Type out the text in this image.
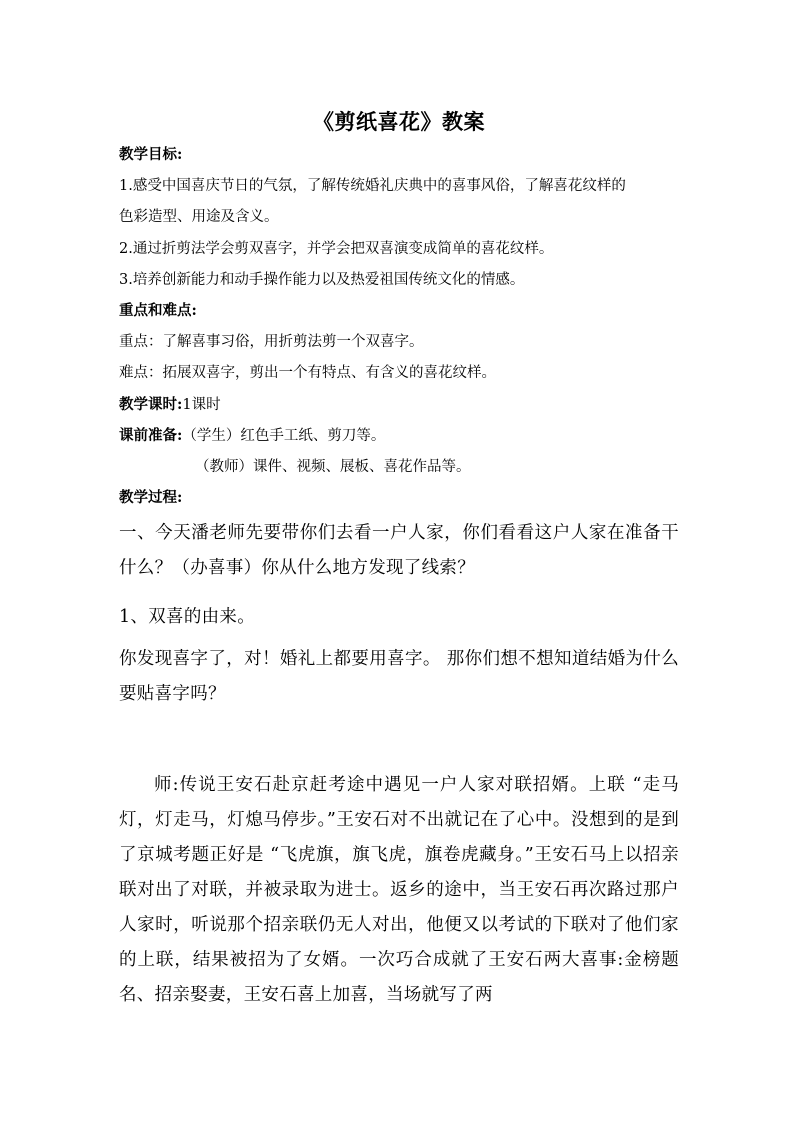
《剪纸喜花》教案
教学目标:
1.感受中国喜庆节日的气氛，了解传统婚礼庆典中的喜事风俗，了解喜花纹样的
色彩造型、用途及含义。
2.通过折剪法学会剪双喜字，并学会把双喜演变成简单的喜花纹样。
3.培养创新能力和动手操作能力以及热爱祖国传统文化的情感。
重点和难点:
重点：了解喜事习俗，用折剪法剪一个双喜字。
难点：拓展双喜字，剪出一个有特点、有含义的喜花纹样。
教学课时:1课时
课前准备:（学生）红色手工纸、剪刀等。
（教师）课件、视频、展板、喜花作品等。
教学过程:
一、今天潘老师先要带你们去看一户人家，你们看看这户人家在准备干什么？（办喜事）你从什么地方发现了线索？
1、双喜的由来。
你发现喜字了，对！婚礼上都要用喜字。 那你们想不想知道结婚为什么要贴喜字吗？
师:传说王安石赴京赶考途中遇见一户人家对联招婿。上联 “走马灯，灯走马，灯熄马停步。”王安石对不出就记在了心中。没想到的是到了京城考题正好是 “飞虎旗，旗飞虎，旗卷虎藏身。”王安石马上以招亲联对出了对联，并被录取为进士。返乡的途中，当王安石再次路过那户人家时，听说那个招亲联仍无人对出，他便又以考试的下联对了他们家的上联，结果被招为了女婿。一次巧合成就了王安石两大喜事:金榜题名、招亲娶妻，王安石喜上加喜，当场就写了两
